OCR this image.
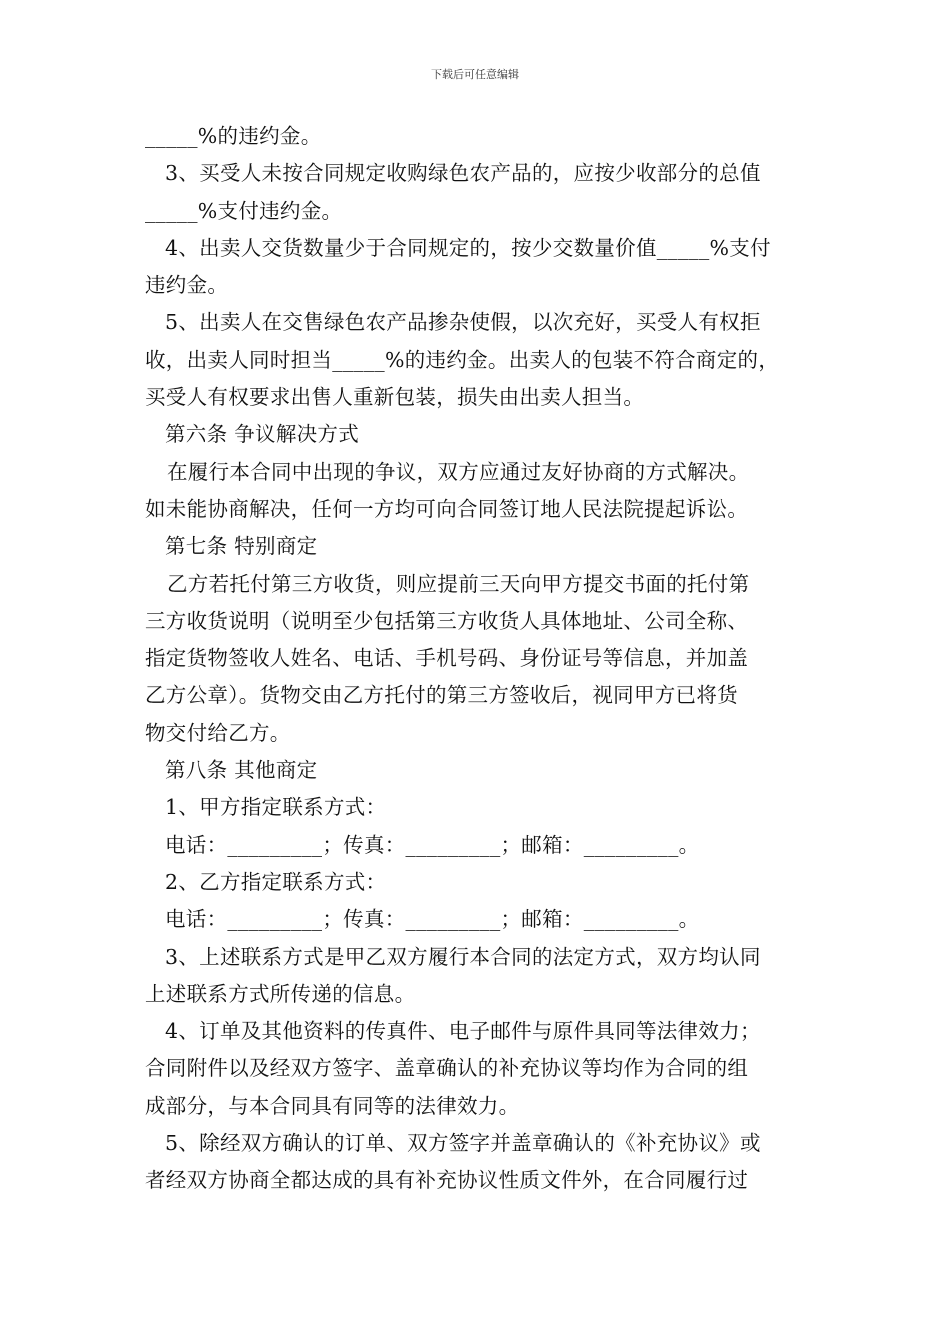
下载后可任意编辑
_____%的违约金。
3、买受人未按合同规定收购绿色农产品的，应按少收部分的总值
_____%支付违约金。
4、出卖人交货数量少于合同规定的，按少交数量价值_____%支付
违约金。
5、出卖人在交售绿色农产品掺杂使假，以次充好，买受人有权拒
收，出卖人同时担当_____%的违约金。出卖人的包装不符合商定的，
买受人有权要求出售人重新包装，损失由出卖人担当。
第六条 争议解决方式
在履行本合同中出现的争议，双方应通过友好协商的方式解决。
如未能协商解决，任何一方均可向合同签订地人民法院提起诉讼。
第七条 特别商定
乙方若托付第三方收货，则应提前三天向甲方提交书面的托付第
三方收货说明（说明至少包括第三方收货人具体地址、公司全称、
指定货物签收人姓名、电话、手机号码、身份证号等信息，并加盖
乙方公章）。货物交由乙方托付的第三方签收后，视同甲方已将货
物交付给乙方。
第八条 其他商定
1、甲方指定联系方式：
电话：_________；传真：_________；邮箱：_________。
2、乙方指定联系方式：
电话：_________；传真：_________；邮箱：_________。
3、上述联系方式是甲乙双方履行本合同的法定方式，双方均认同
上述联系方式所传递的信息。
4、订单及其他资料的传真件、电子邮件与原件具同等法律效力；
合同附件以及经双方签字、盖章确认的补充协议等均作为合同的组
成部分，与本合同具有同等的法律效力。
5、除经双方确认的订单、双方签字并盖章确认的《补充协议》或
者经双方协商全都达成的具有补充协议性质文件外，在合同履行过
